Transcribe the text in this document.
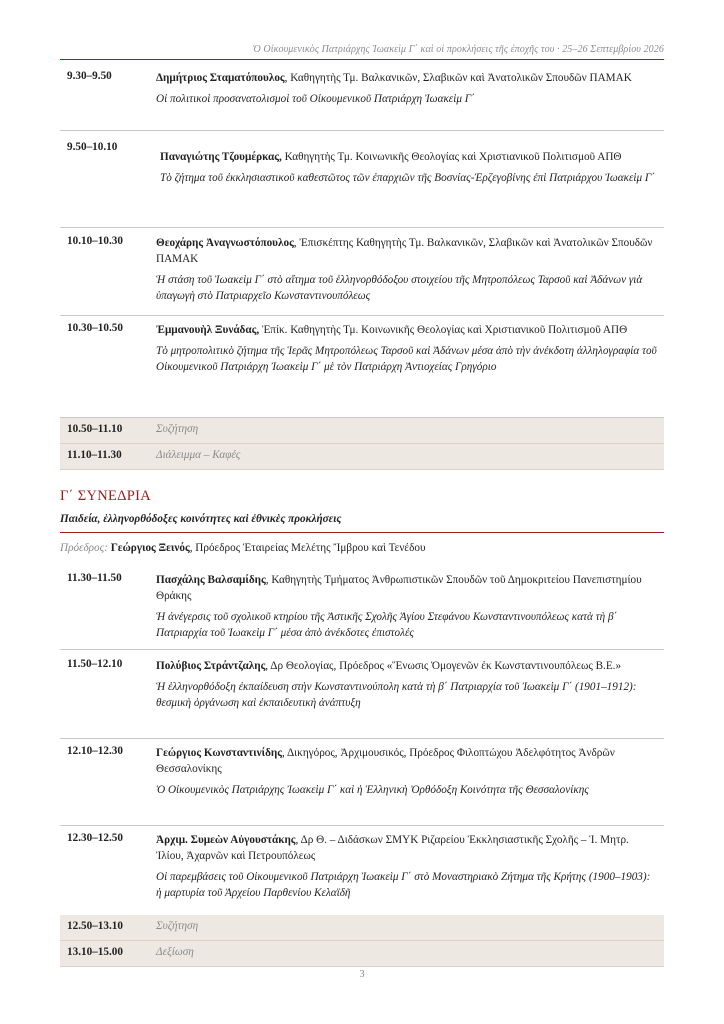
Ὁ Οἰκουμενικὸς Πατριάρχης Ἰωακεὶμ Γ΄ καὶ οἱ προκλήσεις τῆς ἐποχῆς του · 25–26 Σεπτεμβρίου 2026
9.30–9.50	Δημήτριος Σταματόπουλος, Καθηγητὴς Τμ. Βαλκανικῶν, Σλαβικῶν καὶ Ἀνατολικῶν Σπουδῶν ΠΑΜΑΚ
Οἱ πολιτικοὶ προσανατολισμοὶ τοῦ Οἰκουμενικοῦ Πατριάρχη Ἰωακεὶμ Γ΄
9.50–10.10
Παναγιώτης Τζουμέρκας, Καθηγητὴς Τμ. Κοινωνικῆς Θεολογίας καὶ Χριστιανικοῦ Πολιτισμοῦ ΑΠΘ
Τὸ ζήτημα τοῦ ἐκκλησιαστικοῦ καθεστῶτος τῶν ἐπαρχιῶν τῆς Βοσνίας-Ἐρζεγοβίνης ἐπὶ Πατριάρχου Ἰωακεὶμ Γ΄
10.10–10.30	Θεοχάρης Ἀναγνωστόπουλος, Ἐπισκέπτης Καθηγητὴς Τμ. Βαλκανικῶν, Σλαβικῶν καὶ Ἀνατολικῶν Σπουδῶν ΠΑΜΑΚ
Ἡ στάση τοῦ Ἰωακεὶμ Γ΄ στὸ αἴτημα τοῦ ἑλληνορθόδοξου στοιχείου τῆς Μητροπόλεως Ταρσοῦ καὶ Ἀδάνων γιὰ ὑπαγωγὴ στὸ Πατριαρχεῖο Κωνσταντινουπόλεως
10.30–10.50	Ἐμμανουὴλ Ξυνάδας, Ἐπίκ. Καθηγητὴς Τμ. Κοινωνικῆς Θεολογίας καὶ Χριστιανικοῦ Πολιτισμοῦ ΑΠΘ
Τὸ μητροπολιτικὸ ζήτημα τῆς Ἱερᾶς Μητροπόλεως Ταρσοῦ καὶ Ἀδάνων μέσα ἀπὸ τὴν ἀνέκδοτη ἀλληλογραφία τοῦ Οἰκουμενικοῦ Πατριάρχη Ἰωακεὶμ Γ΄ μὲ τὸν Πατριάρχη Ἀντιοχείας Γρηγόριο
10.50–11.10	Συζήτηση
11.10–11.30	Διάλειμμα – Καφές
Γ΄ ΣΥΝΕΔΡΙΑ
Παιδεία, ἑλληνορθόδοξες κοινότητες καὶ ἐθνικὲς προκλήσεις
Πρόεδρος: Γεώργιος Ξεινός, Πρόεδρος Ἑταιρείας Μελέτης Ἴμβρου καὶ Τενέδου
11.30–11.50	Πασχάλης Βαλσαμίδης, Καθηγητὴς Τμήματος Ἀνθρωπιστικῶν Σπουδῶν τοῦ Δημοκριτείου Πανεπιστημίου Θράκης
Ἡ ἀνέγερσις τοῦ σχολικοῦ κτηρίου τῆς Ἀστικῆς Σχολῆς Ἁγίου Στεφάνου Κωνσταντινουπόλεως κατὰ τὴ β΄ Πατριαρχία τοῦ Ἰωακεὶμ Γ΄ μέσα ἀπὸ ἀνέκδοτες ἐπιστολές
11.50–12.10	Πολύβιος Στράντζαλης, Δρ Θεολογίας, Πρόεδρος «Ἕνωσις Ὁμογενῶν ἐκ Κωνσταντινουπόλεως Β.Ε.»
Ἡ ἑλληνορθόδοξη ἐκπαίδευση στὴν Κωνσταντινούπολη κατὰ τὴ β΄ Πατριαρχία τοῦ Ἰωακεὶμ Γ΄ (1901–1912): θεσμικὴ ὀργάνωση καὶ ἐκπαιδευτικὴ ἀνάπτυξη
12.10–12.30	Γεώργιος Κωνσταντινίδης, Δικηγόρος, Ἀρχιμουσικός, Πρόεδρος Φιλοπτώχου Ἀδελφότητος Ἀνδρῶν Θεσσαλονίκης
Ὁ Οἰκουμενικὸς Πατριάρχης Ἰωακεὶμ Γ΄ καὶ ἡ Ἑλληνικὴ Ὀρθόδοξη Κοινότητα τῆς Θεσσαλονίκης
12.30–12.50	Ἀρχιμ. Συμεὼν Αὐγουστάκης, Δρ Θ. – Διδάσκων ΣΜΥΚ Ριζαρείου Ἐκκλησιαστικῆς Σχολῆς – Ἱ. Μητρ. Ἰλίου, Ἀχαρνῶν καὶ Πετρουπόλεως
Οἱ παρεμβάσεις τοῦ Οἰκουμενικοῦ Πατριάρχη Ἰωακεὶμ Γ΄ στὸ Μοναστηριακὸ Ζήτημα τῆς Κρήτης (1900–1903): ἡ μαρτυρία τοῦ Ἀρχείου Παρθενίου Κελαϊδῆ
12.50–13.10	Συζήτηση
13.10–15.00	Δεξίωση
3
